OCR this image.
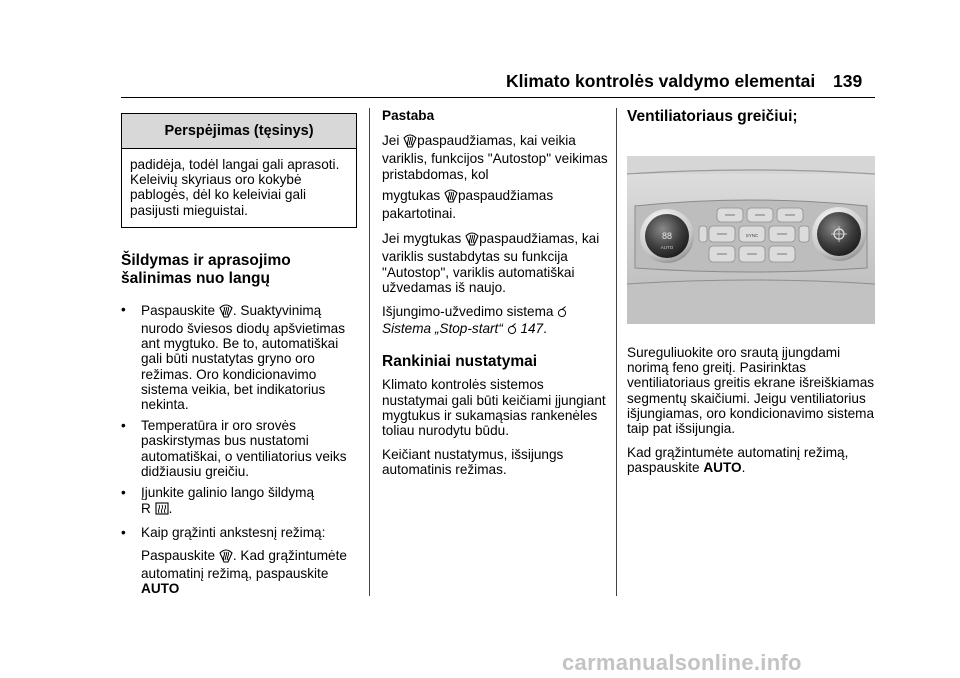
Klimato kontrolės valdymo elementai 139
Perspėjimas (tęsinys)
padidėja, todėl langai gali aprasoti. Keleivių skyriaus oro kokybė pablogės, dėl ko keleiviai gali pasijusti mieguistai.
Šildymas ir aprasojimo
šalinimas nuo langų
• Paspauskite . Suaktyvinimą nurodo šviesos diodų apšvietimas ant mygtuko. Be to, automatiškai gali būti nustatytas gryno oro režimas. Oro kondicionavimo sistema veikia, bet indikatorius nekinta.
• Temperatūra ir oro srovės paskirstymas bus nustatomi automatiškai, o ventiliatorius veiks didžiausiu greičiu.
• Įjunkite galinio lango šildymą
R .
• Kaip grąžinti ankstesnį režimą:
Paspauskite . Kad grąžintumėte automatinį režimą, paspauskite AUTO

Pastaba

Jei paspaudžiamas, kai veikia variklis, funkcijos "Autostop" veikimas pristabdomas, kol
mygtukas paspaudžiamas pakartotinai.

Jei mygtukas paspaudžiamas, kai variklis sustabdytas su funkcija "Autostop", variklis automatiškai užvedamas iš naujo.

Išjungimo-užvedimo sistema
Sistema „Stop-start“ 147.

Rankiniai nustatymai

Klimato kontrolės sistemos nustatymai gali būti keičiami įjungiant mygtukus ir sukamąsias rankenėles toliau nurodytu būdu.

Keičiant nustatymus, išsijungs automatinis režimas.

Ventiliatoriaus greičiui;
88
AUTO
SYNC

Sureguliuokite oro srautą įjungdami norimą feno greitį. Pasirinktas ventiliatoriaus greitis ekrane išreiškiamas segmentų skaičiumi. Jeigu ventiliatorius išjungiamas, oro kondicionavimo sistema taip pat išsijungia.

Kad grąžintumėte automatinį režimą, paspauskite AUTO.

carmanualsonline.info
